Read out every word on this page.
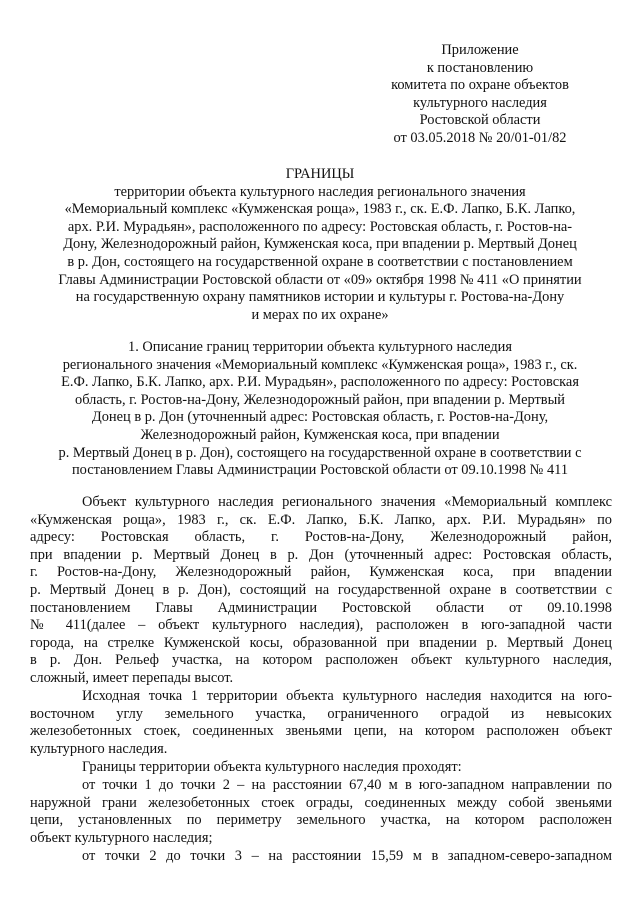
Приложение
к постановлению
комитета по охране объектов
культурного наследия
Ростовской области
от 03.05.2018 № 20/01-01/82
ГРАНИЦЫ
территории объекта культурного наследия регионального значения
«Мемориальный комплекс «Кумженская роща», 1983 г., ск. Е.Ф. Лапко, Б.К. Лапко,
арх. Р.И. Мурадьян», расположенного по адресу: Ростовская область, г. Ростов-на-
Дону, Железнодорожный район, Кумженская коса, при впадении р. Мертвый Донец
в р. Дон, состоящего на государственной охране в соответствии с постановлением
Главы Администрации Ростовской области от «09» октября 1998 № 411 «О принятии
на государственную охрану памятников истории и культуры г. Ростова-на-Дону
и мерах по их охране»
1. Описание границ территории объекта культурного наследия
регионального значения «Мемориальный комплекс «Кумженская роща», 1983 г., ск.
Е.Ф. Лапко, Б.К. Лапко, арх. Р.И. Мурадьян», расположенного по адресу: Ростовская
область, г. Ростов-на-Дону, Железнодорожный район, при впадении р. Мертвый
Донец в р. Дон (уточненный адрес: Ростовская область, г. Ростов-на-Дону,
Железнодорожный район, Кумженская коса, при впадении
р. Мертвый Донец в р. Дон), состоящего на государственной охране в соответствии с
постановлением Главы Администрации Ростовской области от 09.10.1998 № 411
Объект культурного наследия регионального значения «Мемориальный комплекс
«Кумженская роща», 1983 г., ск. Е.Ф. Лапко, Б.К. Лапко, арх. Р.И. Мурадьян» по
адресу: Ростовская область, г. Ростов-на-Дону, Железнодорожный район,
при впадении р. Мертвый Донец в р. Дон (уточненный адрес: Ростовская область,
г. Ростов-на-Дону, Железнодорожный район, Кумженская коса, при впадении
р. Мертвый Донец в р. Дон), состоящий на государственной охране в соответствии с
постановлением Главы Администрации Ростовской области от 09.10.1998
№ 411(далее – объект культурного наследия), расположен в юго-западной части
города, на стрелке Кумженской косы, образованной при впадении р. Мертвый Донец
в р. Дон. Рельеф участка, на котором расположен объект культурного наследия,
сложный, имеет перепады высот.
Исходная точка 1 территории объекта культурного наследия находится на юго-
восточном углу земельного участка, ограниченного оградой из невысоких
железобетонных стоек, соединенных звеньями цепи, на котором расположен объект
культурного наследия.
Границы территории объекта культурного наследия проходят:
от точки 1 до точки 2 – на расстоянии 67,40 м в юго-западном направлении по
наружной грани железобетонных стоек ограды, соединенных между собой звеньями
цепи, установленных по периметру земельного участка, на котором расположен
объект культурного наследия;
от точки 2 до точки 3 – на расстоянии 15,59 м в западном-северо-западном
